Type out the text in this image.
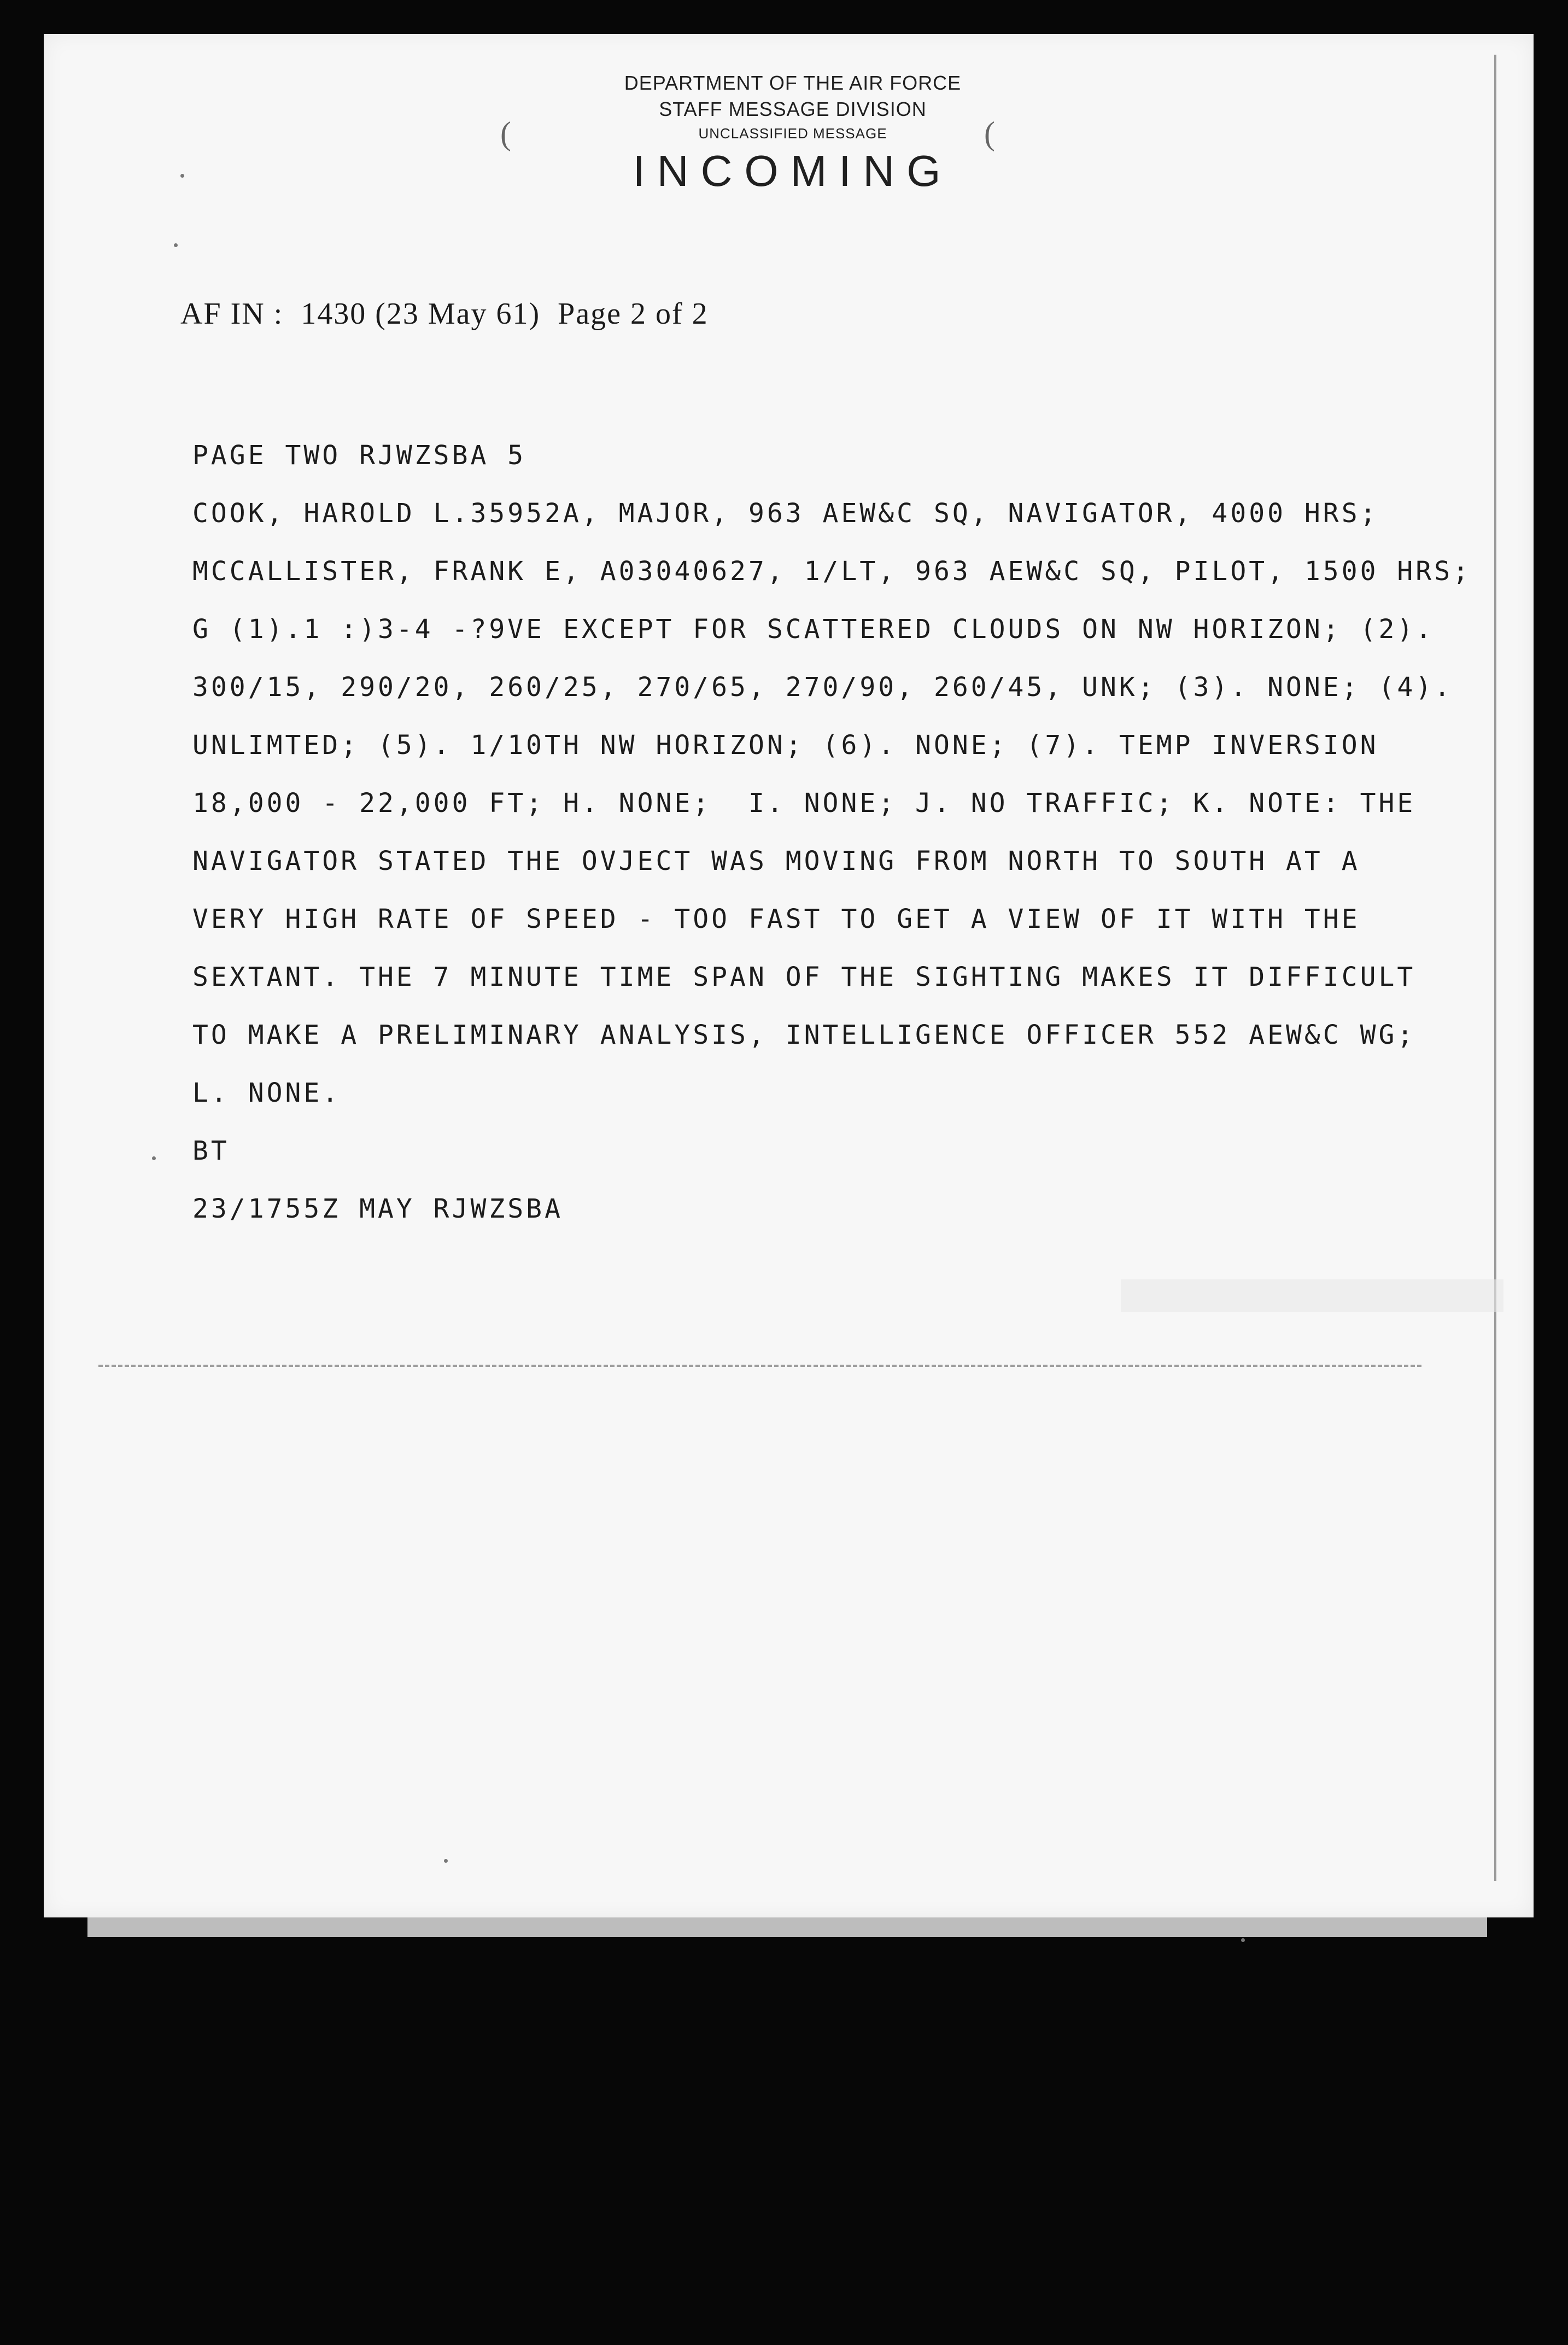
(	(
DEPARTMENT OF THE AIR FORCE
STAFF MESSAGE DIVISION
UNCLASSIFIED MESSAGE
INCOMING
AF IN :  1430 (23 May 61)  Page 2 of 2
PAGE TWO RJWZSBA 5
COOK, HAROLD L.35952A, MAJOR, 963 AEW&C SQ, NAVIGATOR, 4000 HRS;
MCCALLISTER, FRANK E, A03040627, 1/LT, 963 AEW&C SQ, PILOT, 1500 HRS;
G (1).1 :)3-4 -?9VE EXCEPT FOR SCATTERED CLOUDS ON NW HORIZON; (2).
300/15, 290/20, 260/25, 270/65, 270/90, 260/45, UNK; (3). NONE; (4).
UNLIMTED; (5). 1/10TH NW HORIZON; (6). NONE; (7). TEMP INVERSION
18,000 - 22,000 FT; H. NONE;  I. NONE; J. NO TRAFFIC; K. NOTE: THE
NAVIGATOR STATED THE OVJECT WAS MOVING FROM NORTH TO SOUTH AT A
VERY HIGH RATE OF SPEED - TOO FAST TO GET A VIEW OF IT WITH THE
SEXTANT. THE 7 MINUTE TIME SPAN OF THE SIGHTING MAKES IT DIFFICULT
TO MAKE A PRELIMINARY ANALYSIS, INTELLIGENCE OFFICER 552 AEW&C WG;
L. NONE.
BT
23/1755Z MAY RJWZSBA
